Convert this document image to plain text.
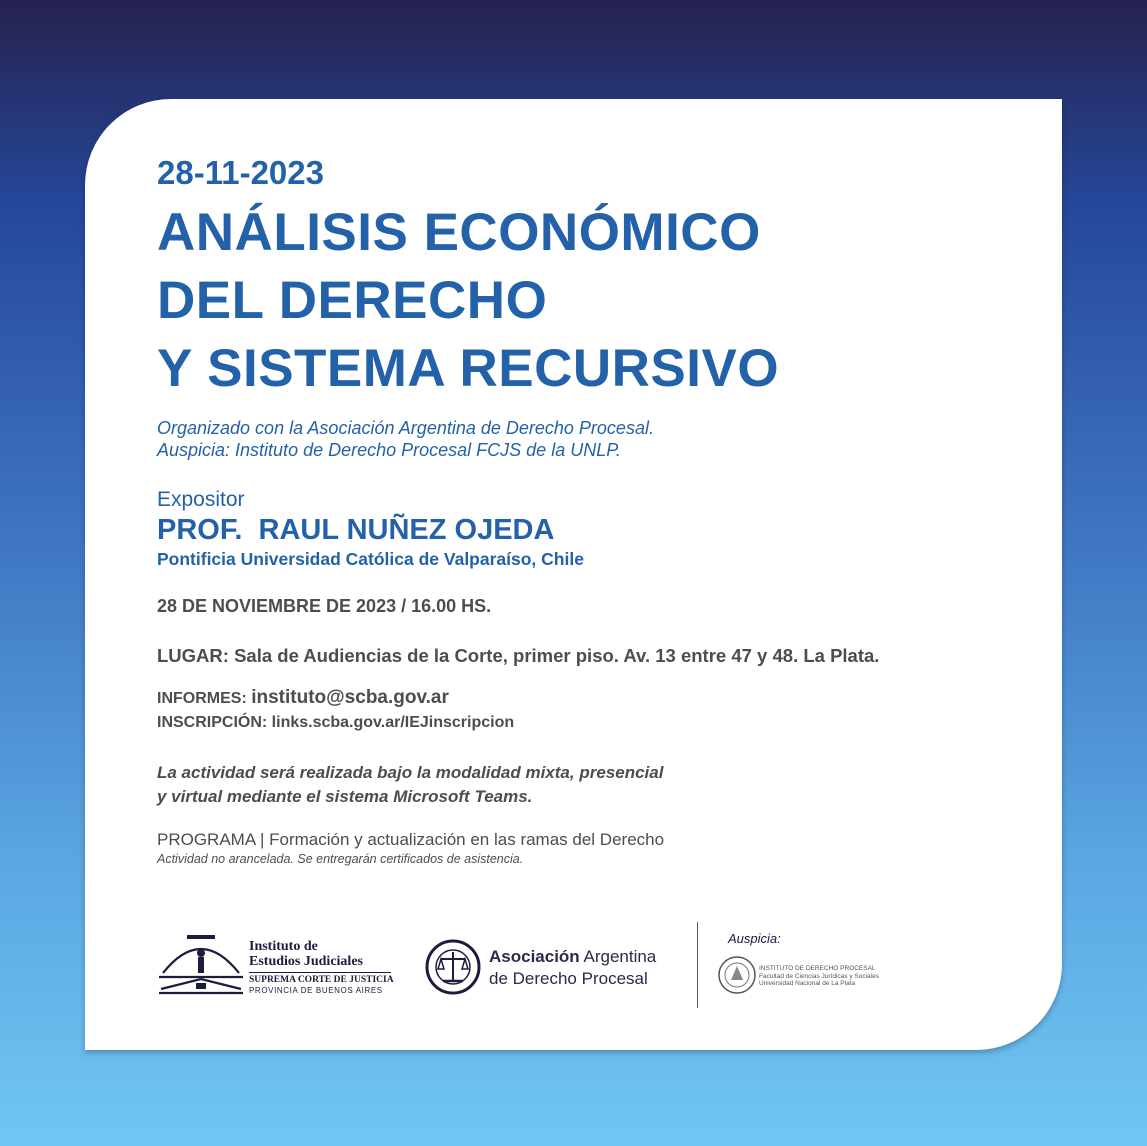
28-11-2023
ANÁLISIS ECONÓMICO
DEL DERECHO
Y SISTEMA RECURSIVO
Organizado con la Asociación Argentina de Derecho Procesal.
Auspicia: Instituto de Derecho Procesal FCJS de la UNLP.
Expositor
PROF.  RAUL NUÑEZ OJEDA
Pontificia Universidad Católica de Valparaíso, Chile
28 DE NOVIEMBRE DE 2023 / 16.00 HS.
LUGAR: Sala de Audiencias de la Corte, primer piso. Av. 13 entre 47 y 48. La Plata.
INFORMES: instituto@scba.gov.ar
INSCRIPCIÓN: links.scba.gov.ar/IEJinscripcion
La actividad será realizada bajo la modalidad mixta, presencial
y virtual mediante el sistema Microsoft Teams.
PROGRAMA | Formación y actualización en las ramas del Derecho
Actividad no arancelada. Se entregarán certificados de asistencia.
Instituto de
Estudios Judiciales
SUPREMA CORTE DE JUSTICIA
PROVINCIA DE BUENOS AIRES
Asociación Argentina
de Derecho Procesal
Auspicia:
INSTITUTO DE DERECHO PROCESAL Facultad de Ciencias Jurídicas y Sociales Universidad Nacional de La Plata
